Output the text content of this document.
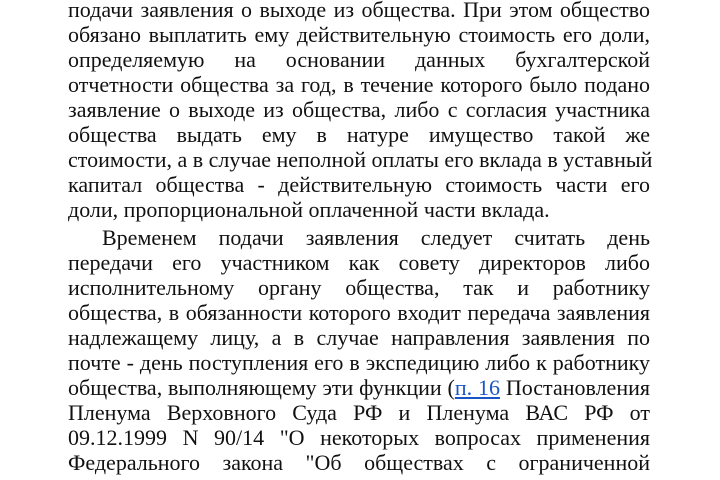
подачи заявления о выходе из общества. При этом общество
обязано выплатить ему действительную стоимость его доли,
определяемую на основании данных бухгалтерской
отчетности общества за год, в течение которого было подано
заявление о выходе из общества, либо с согласия участника
общества выдать ему в натуре имущество такой же
стоимости, а в случае неполной оплаты его вклада в уставный
капитал общества - действительную стоимость части его
доли, пропорциональной оплаченной части вклада.
Временем подачи заявления следует считать день
передачи его участником как совету директоров либо
исполнительному органу общества, так и работнику
общества, в обязанности которого входит передача заявления
надлежащему лицу, а в случае направления заявления по
почте - день поступления его в экспедицию либо к работнику
общества, выполняющему эти функции (п. 16 Постановления
Пленума Верховного Суда РФ и Пленума ВАС РФ от
09.12.1999 N 90/14 "О некоторых вопросах применения
Федерального закона "Об обществах с ограниченной
